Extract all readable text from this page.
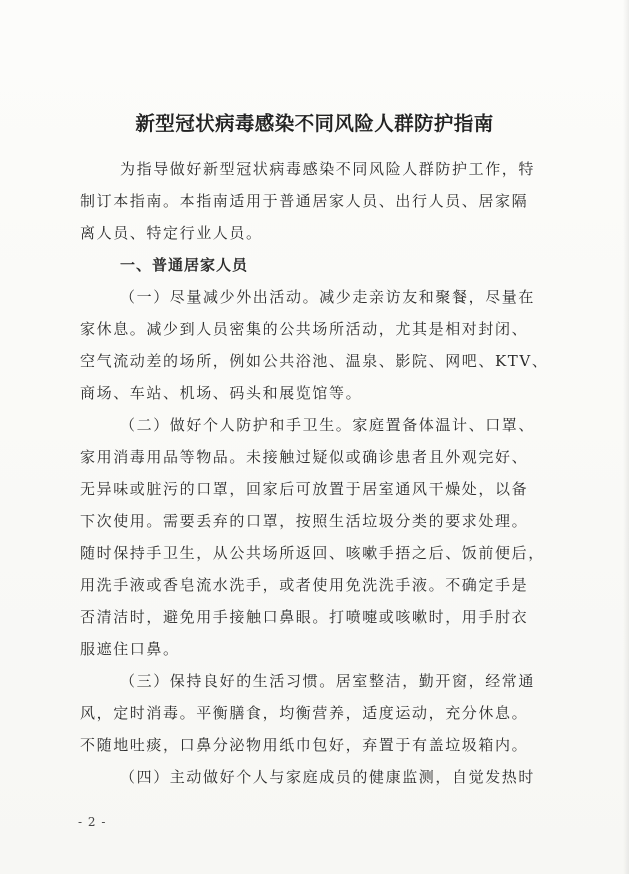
新型冠状病毒感染不同风险人群防护指南
为指导做好新型冠状病毒感染不同风险人群防护工作，特
制订本指南。本指南适用于普通居家人员、出行人员、居家隔
离人员、特定行业人员。
一、普通居家人员
（一）尽量减少外出活动。减少走亲访友和聚餐，尽量在
家休息。减少到人员密集的公共场所活动，尤其是相对封闭、
空气流动差的场所，例如公共浴池、温泉、影院、网吧、KTV、
商场、车站、机场、码头和展览馆等。
（二）做好个人防护和手卫生。家庭置备体温计、口罩、
家用消毒用品等物品。未接触过疑似或确诊患者且外观完好、
无异味或脏污的口罩，回家后可放置于居室通风干燥处，以备
下次使用。需要丢弃的口罩，按照生活垃圾分类的要求处理。
随时保持手卫生，从公共场所返回、咳嗽手捂之后、饭前便后，
用洗手液或香皂流水洗手，或者使用免洗洗手液。不确定手是
否清洁时，避免用手接触口鼻眼。打喷嚏或咳嗽时，用手肘衣
服遮住口鼻。
（三）保持良好的生活习惯。居室整洁，勤开窗，经常通
风，定时消毒。平衡膳食，均衡营养，适度运动，充分休息。
不随地吐痰，口鼻分泌物用纸巾包好，弃置于有盖垃圾箱内。
（四）主动做好个人与家庭成员的健康监测，自觉发热时
- 2 -
